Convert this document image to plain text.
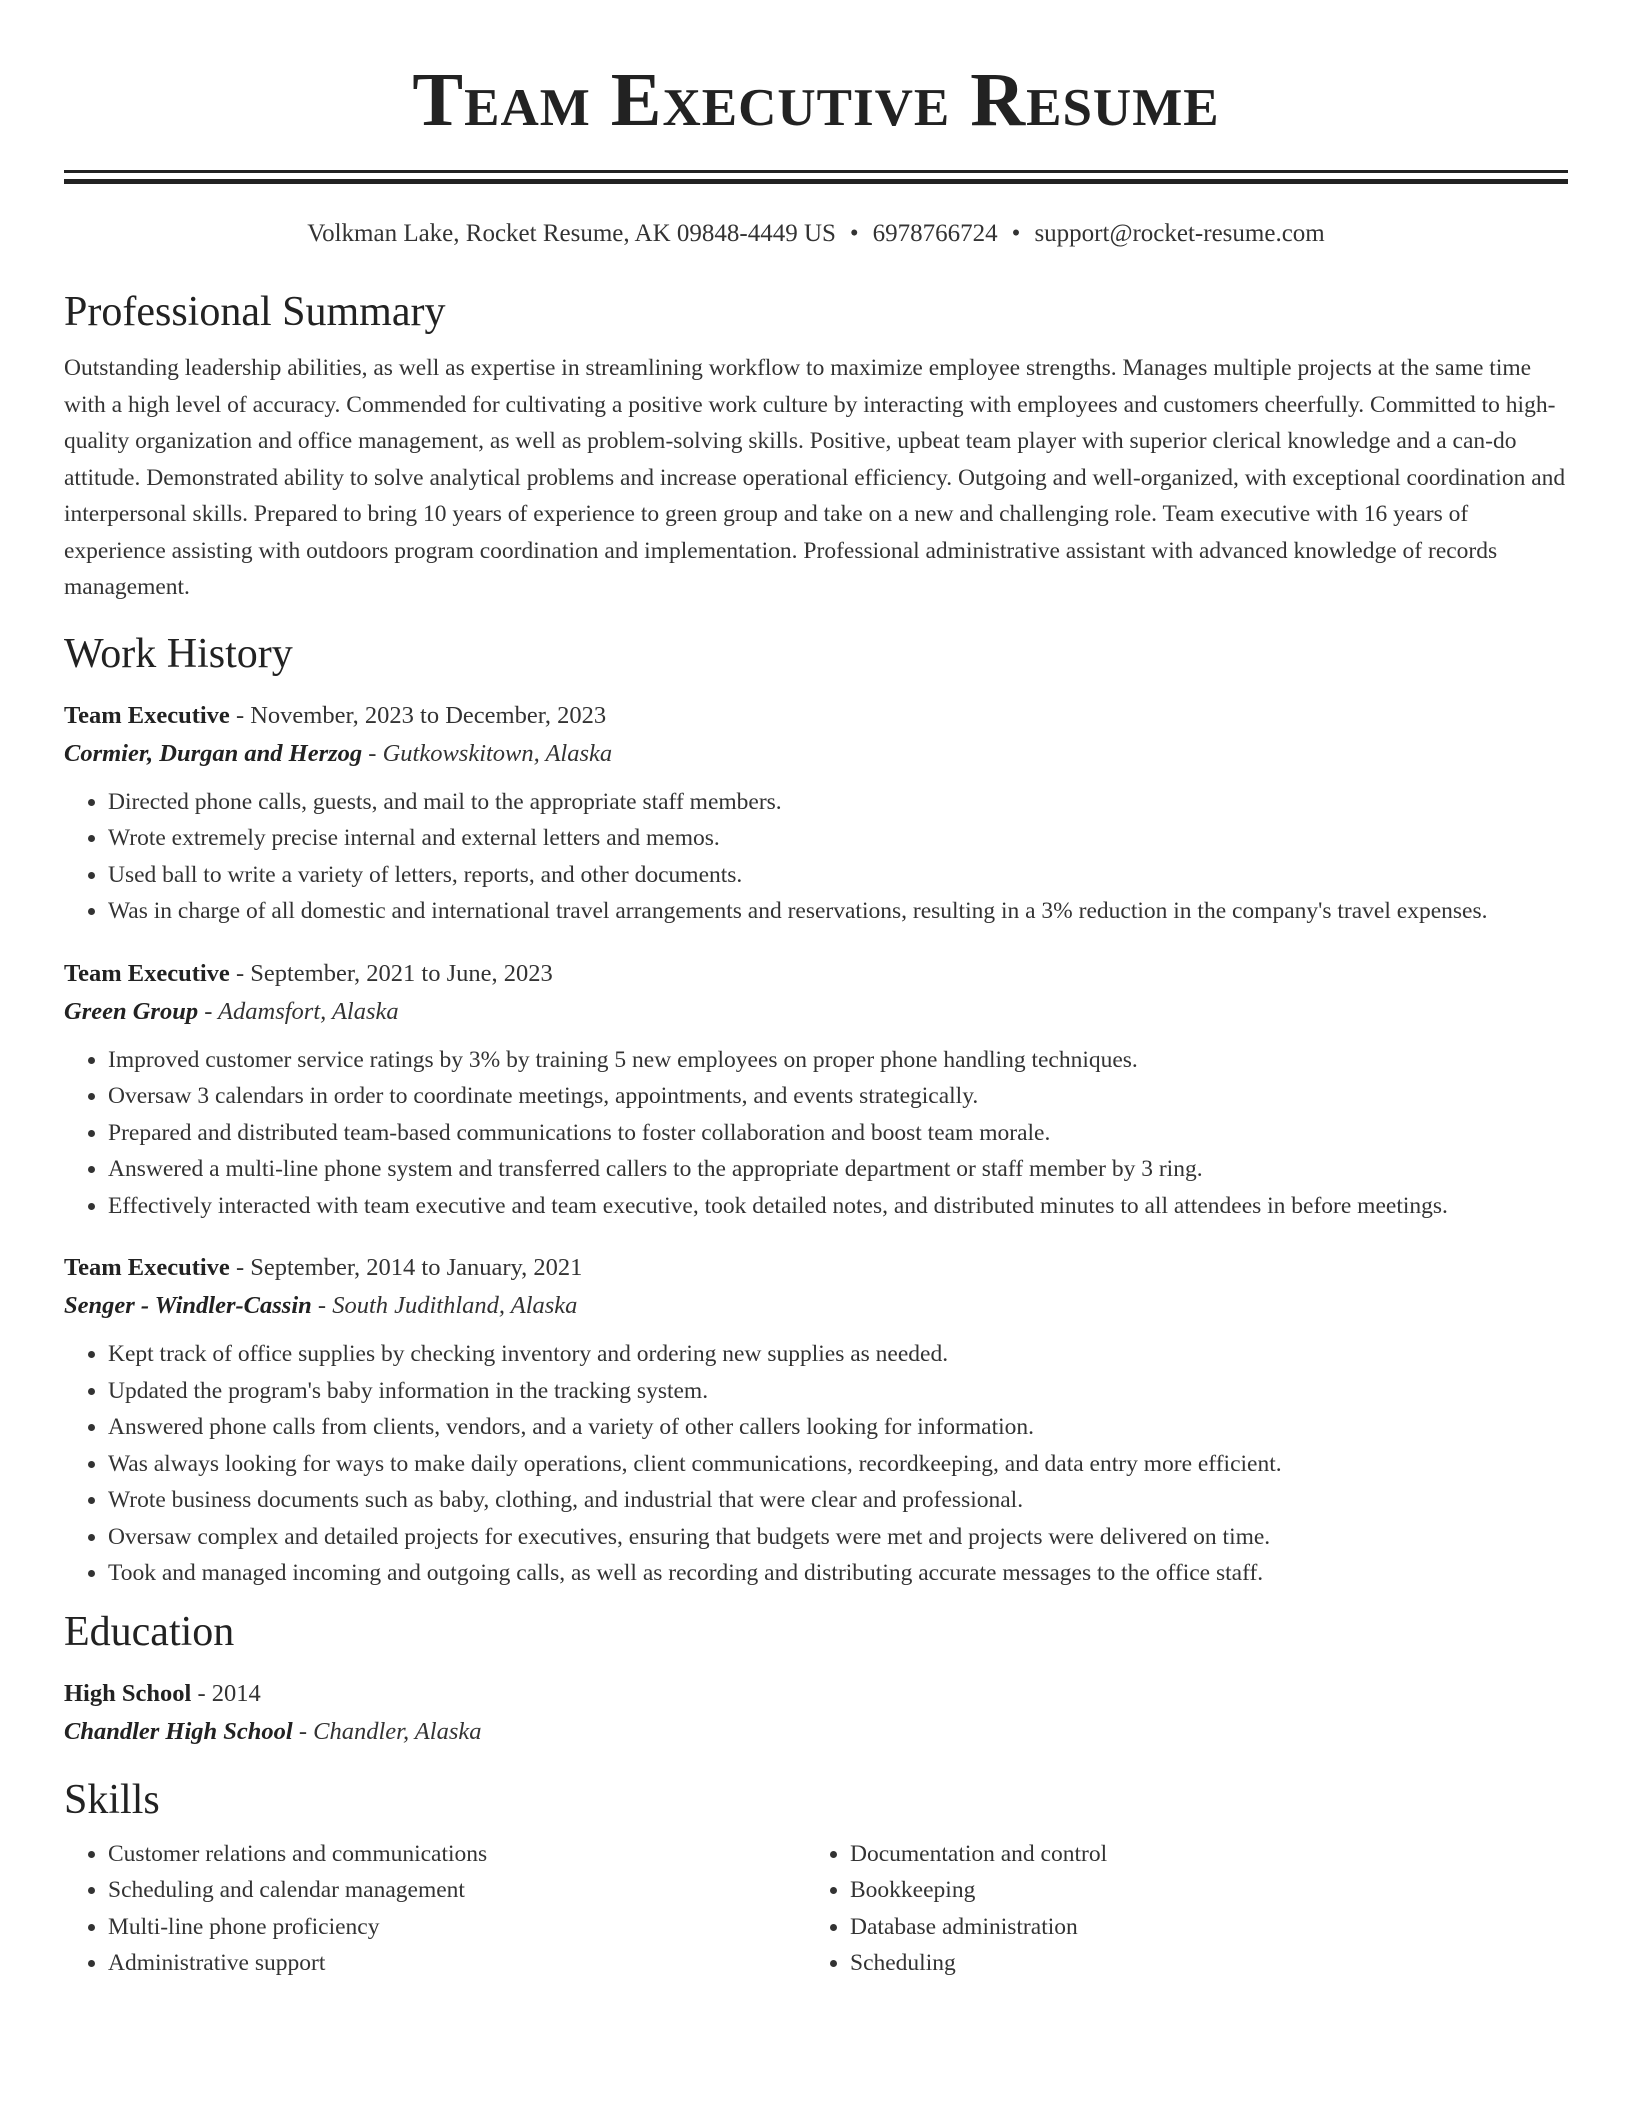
Team Executive Resume
Volkman Lake, Rocket Resume, AK 09848-4449 US • 6978766724 • support@rocket-resume.com
Professional Summary

Outstanding leadership abilities, as well as expertise in streamlining workflow to maximize employee strengths. Manages multiple projects at the same time with a high level of accuracy. Commended for cultivating a positive work culture by interacting with employees and customers cheerfully. Committed to high-quality organization and office management, as well as problem-solving skills. Positive, upbeat team player with superior clerical knowledge and a can-do attitude. Demonstrated ability to solve analytical problems and increase operational efficiency. Outgoing and well-organized, with exceptional coordination and interpersonal skills. Prepared to bring 10 years of experience to green group and take on a new and challenging role. Team executive with 16 years of experience assisting with outdoors program coordination and implementation. Professional administrative assistant with advanced knowledge of records management.

Work History
Team Executive - November, 2023 to December, 2023
Cormier, Durgan and Herzog - Gutkowskitown, Alaska
• Directed phone calls, guests, and mail to the appropriate staff members.
• Wrote extremely precise internal and external letters and memos.
• Used ball to write a variety of letters, reports, and other documents.
• Was in charge of all domestic and international travel arrangements and reservations, resulting in a 3% reduction in the company's travel expenses.
Team Executive - September, 2021 to June, 2023
Green Group - Adamsfort, Alaska
• Improved customer service ratings by 3% by training 5 new employees on proper phone handling techniques.
• Oversaw 3 calendars in order to coordinate meetings, appointments, and events strategically.
• Prepared and distributed team-based communications to foster collaboration and boost team morale.
• Answered a multi-line phone system and transferred callers to the appropriate department or staff member by 3 ring.
• Effectively interacted with team executive and team executive, took detailed notes, and distributed minutes to all attendees in before meetings.
Team Executive - September, 2014 to January, 2021
Senger - Windler-Cassin - South Judithland, Alaska
• Kept track of office supplies by checking inventory and ordering new supplies as needed.
• Updated the program's baby information in the tracking system.
• Answered phone calls from clients, vendors, and a variety of other callers looking for information.
• Was always looking for ways to make daily operations, client communications, recordkeeping, and data entry more efficient.
• Wrote business documents such as baby, clothing, and industrial that were clear and professional.
• Oversaw complex and detailed projects for executives, ensuring that budgets were met and projects were delivered on time.
• Took and managed incoming and outgoing calls, as well as recording and distributing accurate messages to the office staff.
Education
High School - 2014
Chandler High School - Chandler, Alaska
Skills
• Customer relations and communications
• Scheduling and calendar management
• Multi-line phone proficiency
• Administrative support
• Documentation and control
• Bookkeeping
• Database administration
• Scheduling
